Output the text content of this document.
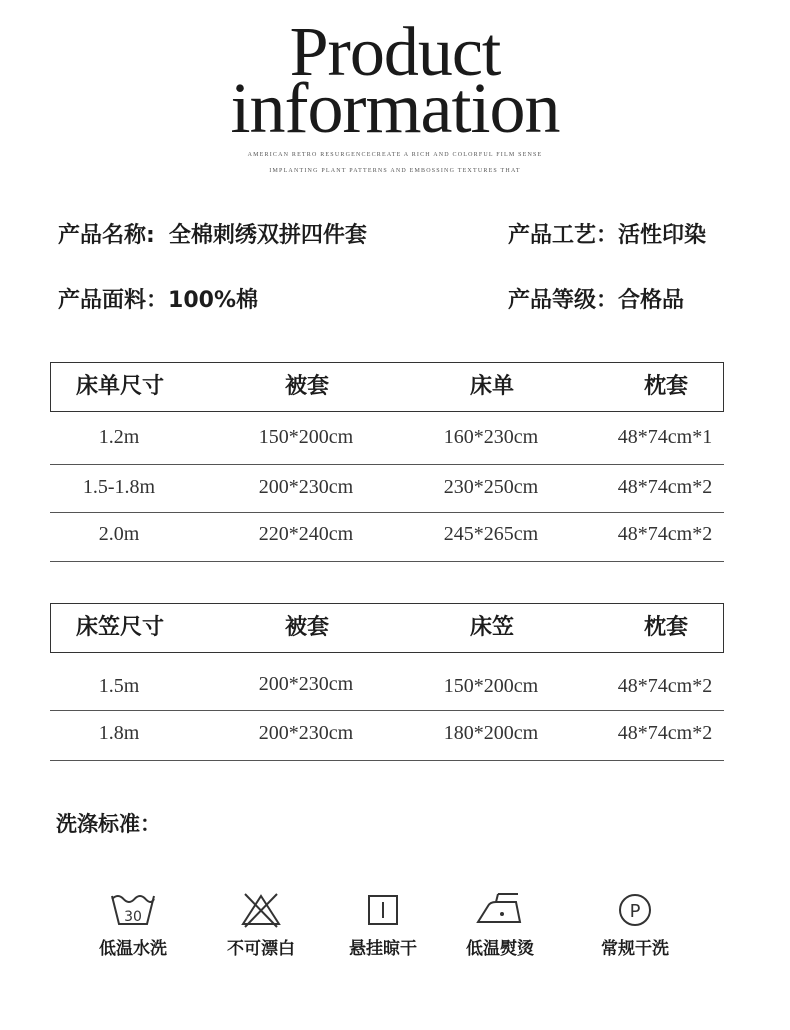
Product
information
AMERICAN RETRO RESURGENCECREATE A RICH AND COLORFUL FILM SENSE
IMPLANTING PLANT PATTERNS AND EMBOSSING TEXTURES THAT
产品名称: 全棉刺绣双拼四件套	产品工艺：活性印染
产品面料：100%棉	产品等级：合格品
床单尺寸	被套	床单	枕套
1.2m	150*200cm	160*230cm	48*74cm*1
1.5-1.8m	200*230cm	230*250cm	48*74cm*2
2.0m	220*240cm	245*265cm	48*74cm*2
床笠尺寸	被套	床笠	枕套
1.5m	200*230cm	150*200cm	48*74cm*2
1.8m	200*230cm	180*200cm	48*74cm*2
洗涤标准：
30
低温水洗	不可漂白	悬挂晾干	低温熨烫
P
常规干洗
